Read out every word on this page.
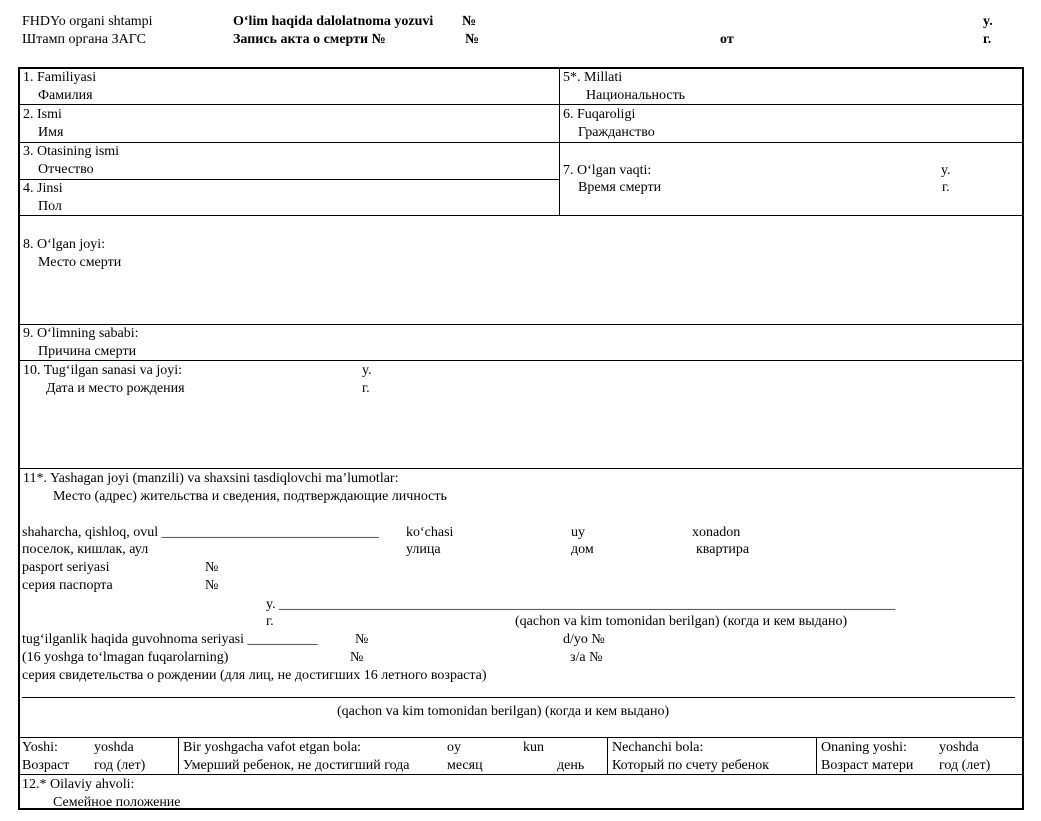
FHDYo organi shtampi
Штамп органа ЗАГС
O‘lim haqida dalolatnoma yozuvi №
Запись акта о смерти №	№	от
y.
г.
1. Familiyasi
Фамилия
5*. Millati
Национальность
2. Ismi
Имя
6. Fuqaroligi
Гражданство
3. Otasining ismi
Отчество
4. Jinsi
Пол
7. O‘lgan vaqti:
Время смерти
y.
г.
8. O‘lgan joyi:
Место смерти
9. O‘limning sababi:
Причина смерти
10. Tug‘ilgan sanasi va joyi:
Дата и место рождения
y.
г.
11*. Yashagan joyi (manzili) va shaxsini tasdiqlovchi ma’lumotlar:
Место (адрес) жительства и сведения, подтверждающие личность
shaharcha, qishloq, ovul _______________________________ ko‘chasi	uy	xonadon
поселок, кишлак, аул	улица	дом	квартира
pasport seriyasi	№
серия паспорта	№
y. ________________________________________________________________________________________
г.	(qachon va kim tomonidan berilgan) (когда и кем выдано)
tug‘ilganlik haqida guvohnoma seriyasi __________	№	d/yo №
(16 yoshga to‘lmagan fuqarolarning)	№	з/а №
серия свидетельства о рождении (для лиц, не достигших 16 летного возраста)
(qachon va kim tomonidan berilgan) (когда и кем выдано)
Yoshi:	yoshda
Возраст год (лет)
Bir yoshgacha vafot etgan bola:	oy	kun
Умерший ребенок, не достигший года	месяц	день
Nechanchi bola:
Который по счету ребенок
Onaning yoshi: yoshda
Возраст матери год (лет)
12.* Oilaviy ahvoli:
Семейное положение
